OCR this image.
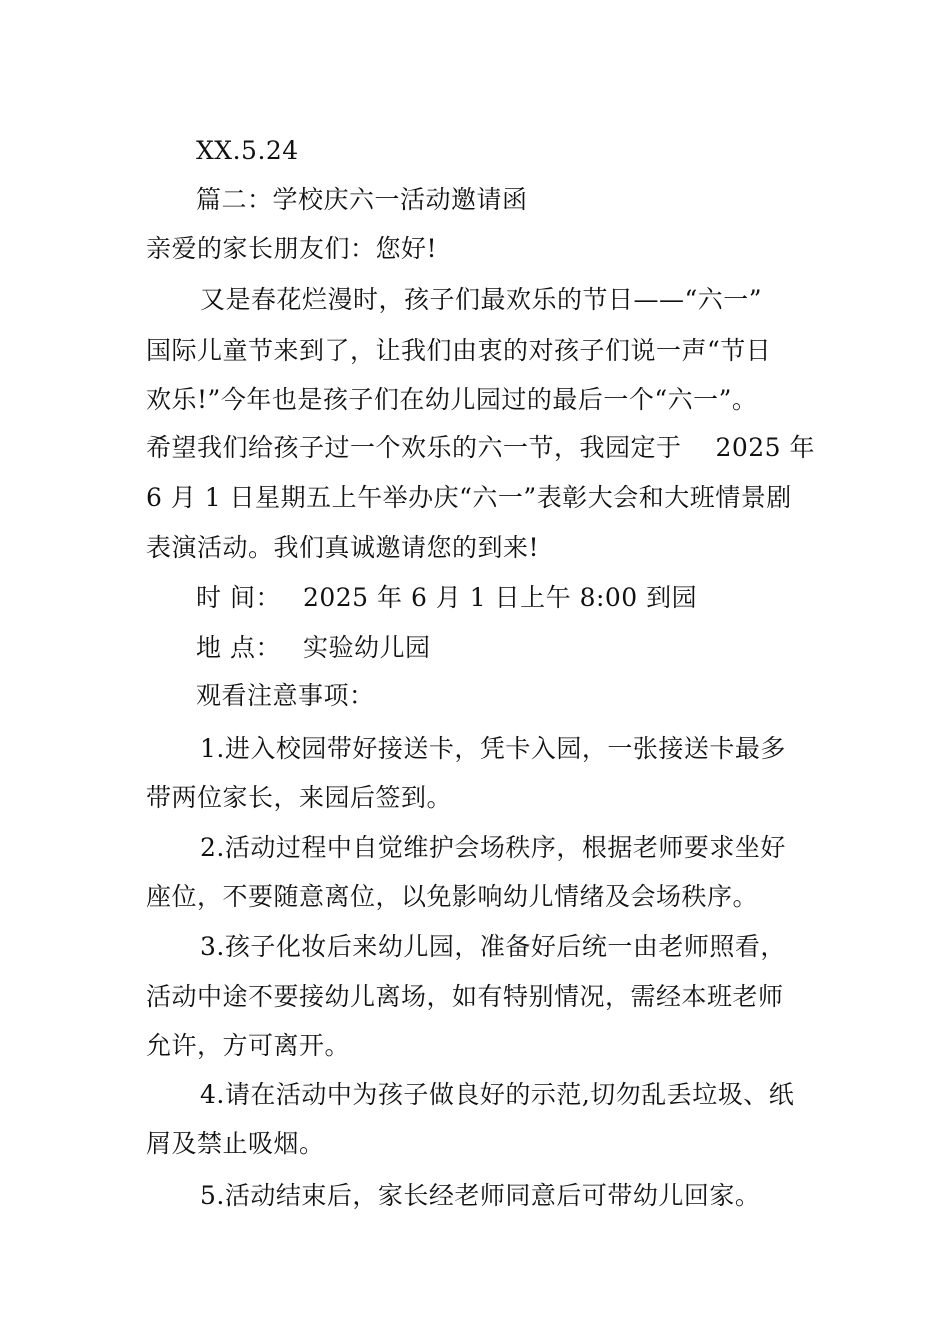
XX.5.24
篇二：学校庆六一活动邀请函
亲爱的家长朋友们：您好!
又是春花烂漫时，孩子们最欢乐的节日——“六一”
国际儿童节来到了，让我们由衷的对孩子们说一声“节日
欢乐!”今年也是孩子们在幼儿园过的最后一个“六一”。
希望我们给孩子过一个欢乐的六一节，我园定于　 2025 年
6 月 1 日星期五上午举办庆“六一”表彰大会和大班情景剧
表演活动。我们真诚邀请您的到来!
时 间： 2025 年 6 月 1 日上午 8:00 到园
地 点： 实验幼儿园
观看注意事项：
1.进入校园带好接送卡，凭卡入园，一张接送卡最多
带两位家长，来园后签到。
2.活动过程中自觉维护会场秩序，根据老师要求坐好
座位，不要随意离位，以免影响幼儿情绪及会场秩序。
3.孩子化妆后来幼儿园，准备好后统一由老师照看，
活动中途不要接幼儿离场，如有特别情况，需经本班老师
允许，方可离开。
4.请在活动中为孩子做良好的示范,切勿乱丢垃圾、纸
屑及禁止吸烟。
5.活动结束后，家长经老师同意后可带幼儿回家。
